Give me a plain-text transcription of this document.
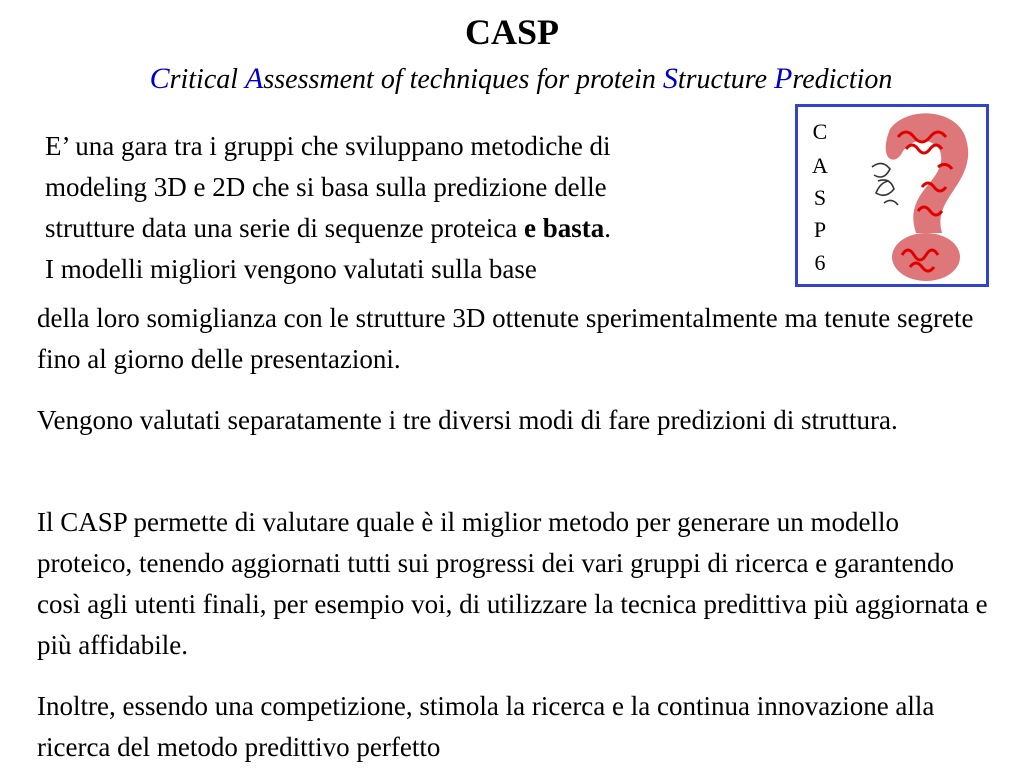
CASP
Critical Assessment of techniques for protein Structure Prediction
C
A
S
P
6

E’ una gara tra i gruppi che sviluppano metodiche di
modeling 3D e 2D che si basa sulla predizione delle
strutture data una serie di sequenze proteica e basta.
I modelli migliori vengono valutati sulla base

della loro somiglianza con le strutture 3D ottenute sperimentalmente ma tenute segrete fino al giorno delle presentazioni.

Vengono valutati separatamente i tre diversi modi di fare predizioni di struttura.

Il CASP permette di valutare quale è il miglior metodo per generare un modello proteico, tenendo aggiornati tutti sui progressi dei vari gruppi di ricerca e garantendo così agli utenti finali, per esempio voi, di utilizzare la tecnica predittiva più aggiornata e più affidabile.

Inoltre, essendo una competizione, stimola la ricerca e la continua innovazione alla ricerca del metodo predittivo perfetto
